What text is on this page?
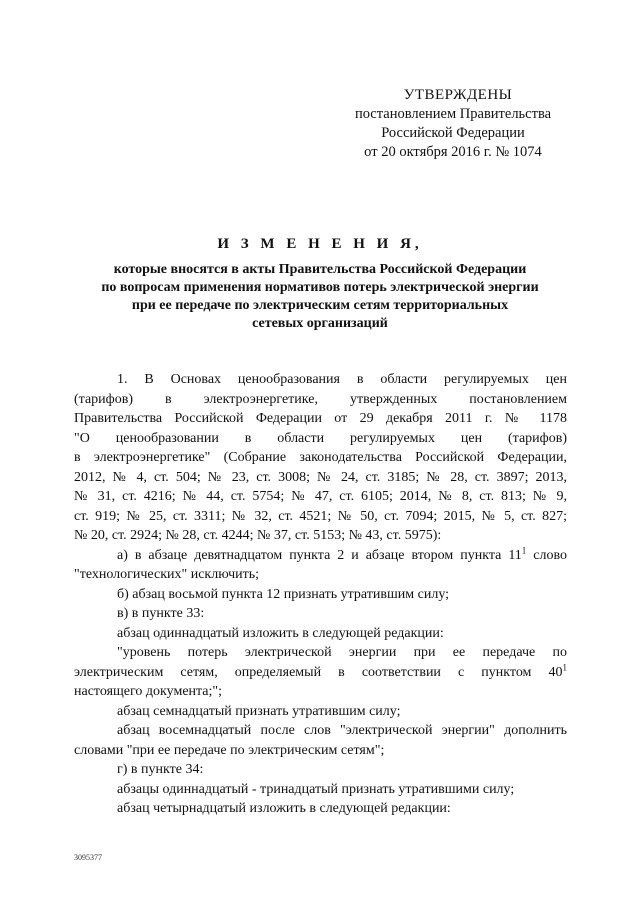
УТВЕРЖДЕНЫ
постановлением Правительства
Российской Федерации
от 20 октября 2016 г. № 1074
И З М Е Н Е Н И Я,
которые вносятся в акты Правительства Российской Федерации
по вопросам применения нормативов потерь электрической энергии
при ее передаче по электрическим сетям территориальных
сетевых организаций

1. В Основах ценообразования в области регулируемых цен

(тарифов) в электроэнергетике, утвержденных постановлением

Правительства Российской Федерации от 29 декабря 2011 г. № 1178

"О ценообразовании в области регулируемых цен (тарифов)

в электроэнергетике" (Собрание законодательства Российской Федерации,

2012, № 4, ст. 504; № 23, ст. 3008; № 24, ст. 3185; № 28, ст. 3897; 2013,

№ 31, ст. 4216; № 44, ст. 5754; № 47, ст. 6105; 2014, № 8, ст. 813; № 9,

ст. 919; № 25, ст. 3311; № 32, ст. 4521; № 50, ст. 7094; 2015, № 5, ст. 827;

№ 20, ст. 2924; № 28, ст. 4244; № 37, ст. 5153; № 43, ст. 5975):

а) в абзаце девятнадцатом пункта 2 и абзаце втором пункта $11^1$ слово

"технологических" исключить;

б) абзац восьмой пункта 12 признать утратившим силу;

в) в пункте 33:

абзац одиннадцатый изложить в следующей редакции:

"уровень потерь электрической энергии при ее передаче по

электрическим сетям, определяемый в соответствии с пунктом $40^1$

настоящего документа;";

абзац семнадцатый признать утратившим силу;

абзац восемнадцатый после слов "электрической энергии" дополнить

словами "при ее передаче по электрическим сетям";

г) в пункте 34:

абзацы одиннадцатый - тринадцатый признать утратившими силу;

абзац четырнадцатый изложить в следующей редакции:

3095377
